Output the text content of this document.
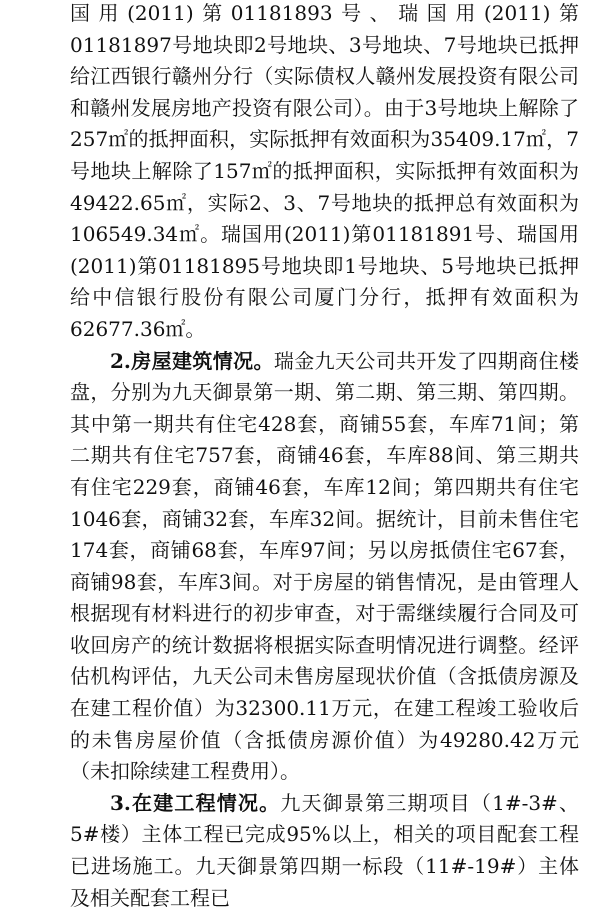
国用(2011)第01181893号、瑞国用(2011)第01181897号地块即2号地块、3号地块、7号地块已抵押给江西银行赣州分行（实际债权人赣州发展投资有限公司和赣州发展房地产投资有限公司）。由于3号地块上解除了257㎡的抵押面积，实际抵押有效面积为35409.17㎡，7号地块上解除了157㎡的抵押面积，实际抵押有效面积为49422.65㎡，实际2、3、7号地块的抵押总有效面积为106549.34㎡。瑞国用(2011)第01181891号、瑞国用(2011)第01181895号地块即1号地块、5号地块已抵押给中信银行股份有限公司厦门分行，抵押有效面积为62677.36㎡。

2.房屋建筑情况。瑞金九天公司共开发了四期商住楼盘，分别为九天御景第一期、第二期、第三期、第四期。其中第一期共有住宅428套，商铺55套，车库71间；第二期共有住宅757套，商铺46套，车库88间、第三期共有住宅229套，商铺46套，车库12间；第四期共有住宅1046套，商铺32套，车库32间。据统计，目前未售住宅174套，商铺68套，车库97间；另以房抵债住宅67套，商铺98套，车库3间。对于房屋的销售情况，是由管理人根据现有材料进行的初步审查，对于需继续履行合同及可收回房产的统计数据将根据实际查明情况进行调整。经评估机构评估，九天公司未售房屋现状价值（含抵债房源及在建工程价值）为32300.11万元，在建工程竣工验收后的未售房屋价值（含抵债房源价值）为49280.42万元（未扣除续建工程费用）。

3.在建工程情况。九天御景第三期项目（1#-3#、5#楼）主体工程已完成95%以上，相关的项目配套工程已进场施工。九天御景第四期一标段（11#-19#）主体及相关配套工程已
